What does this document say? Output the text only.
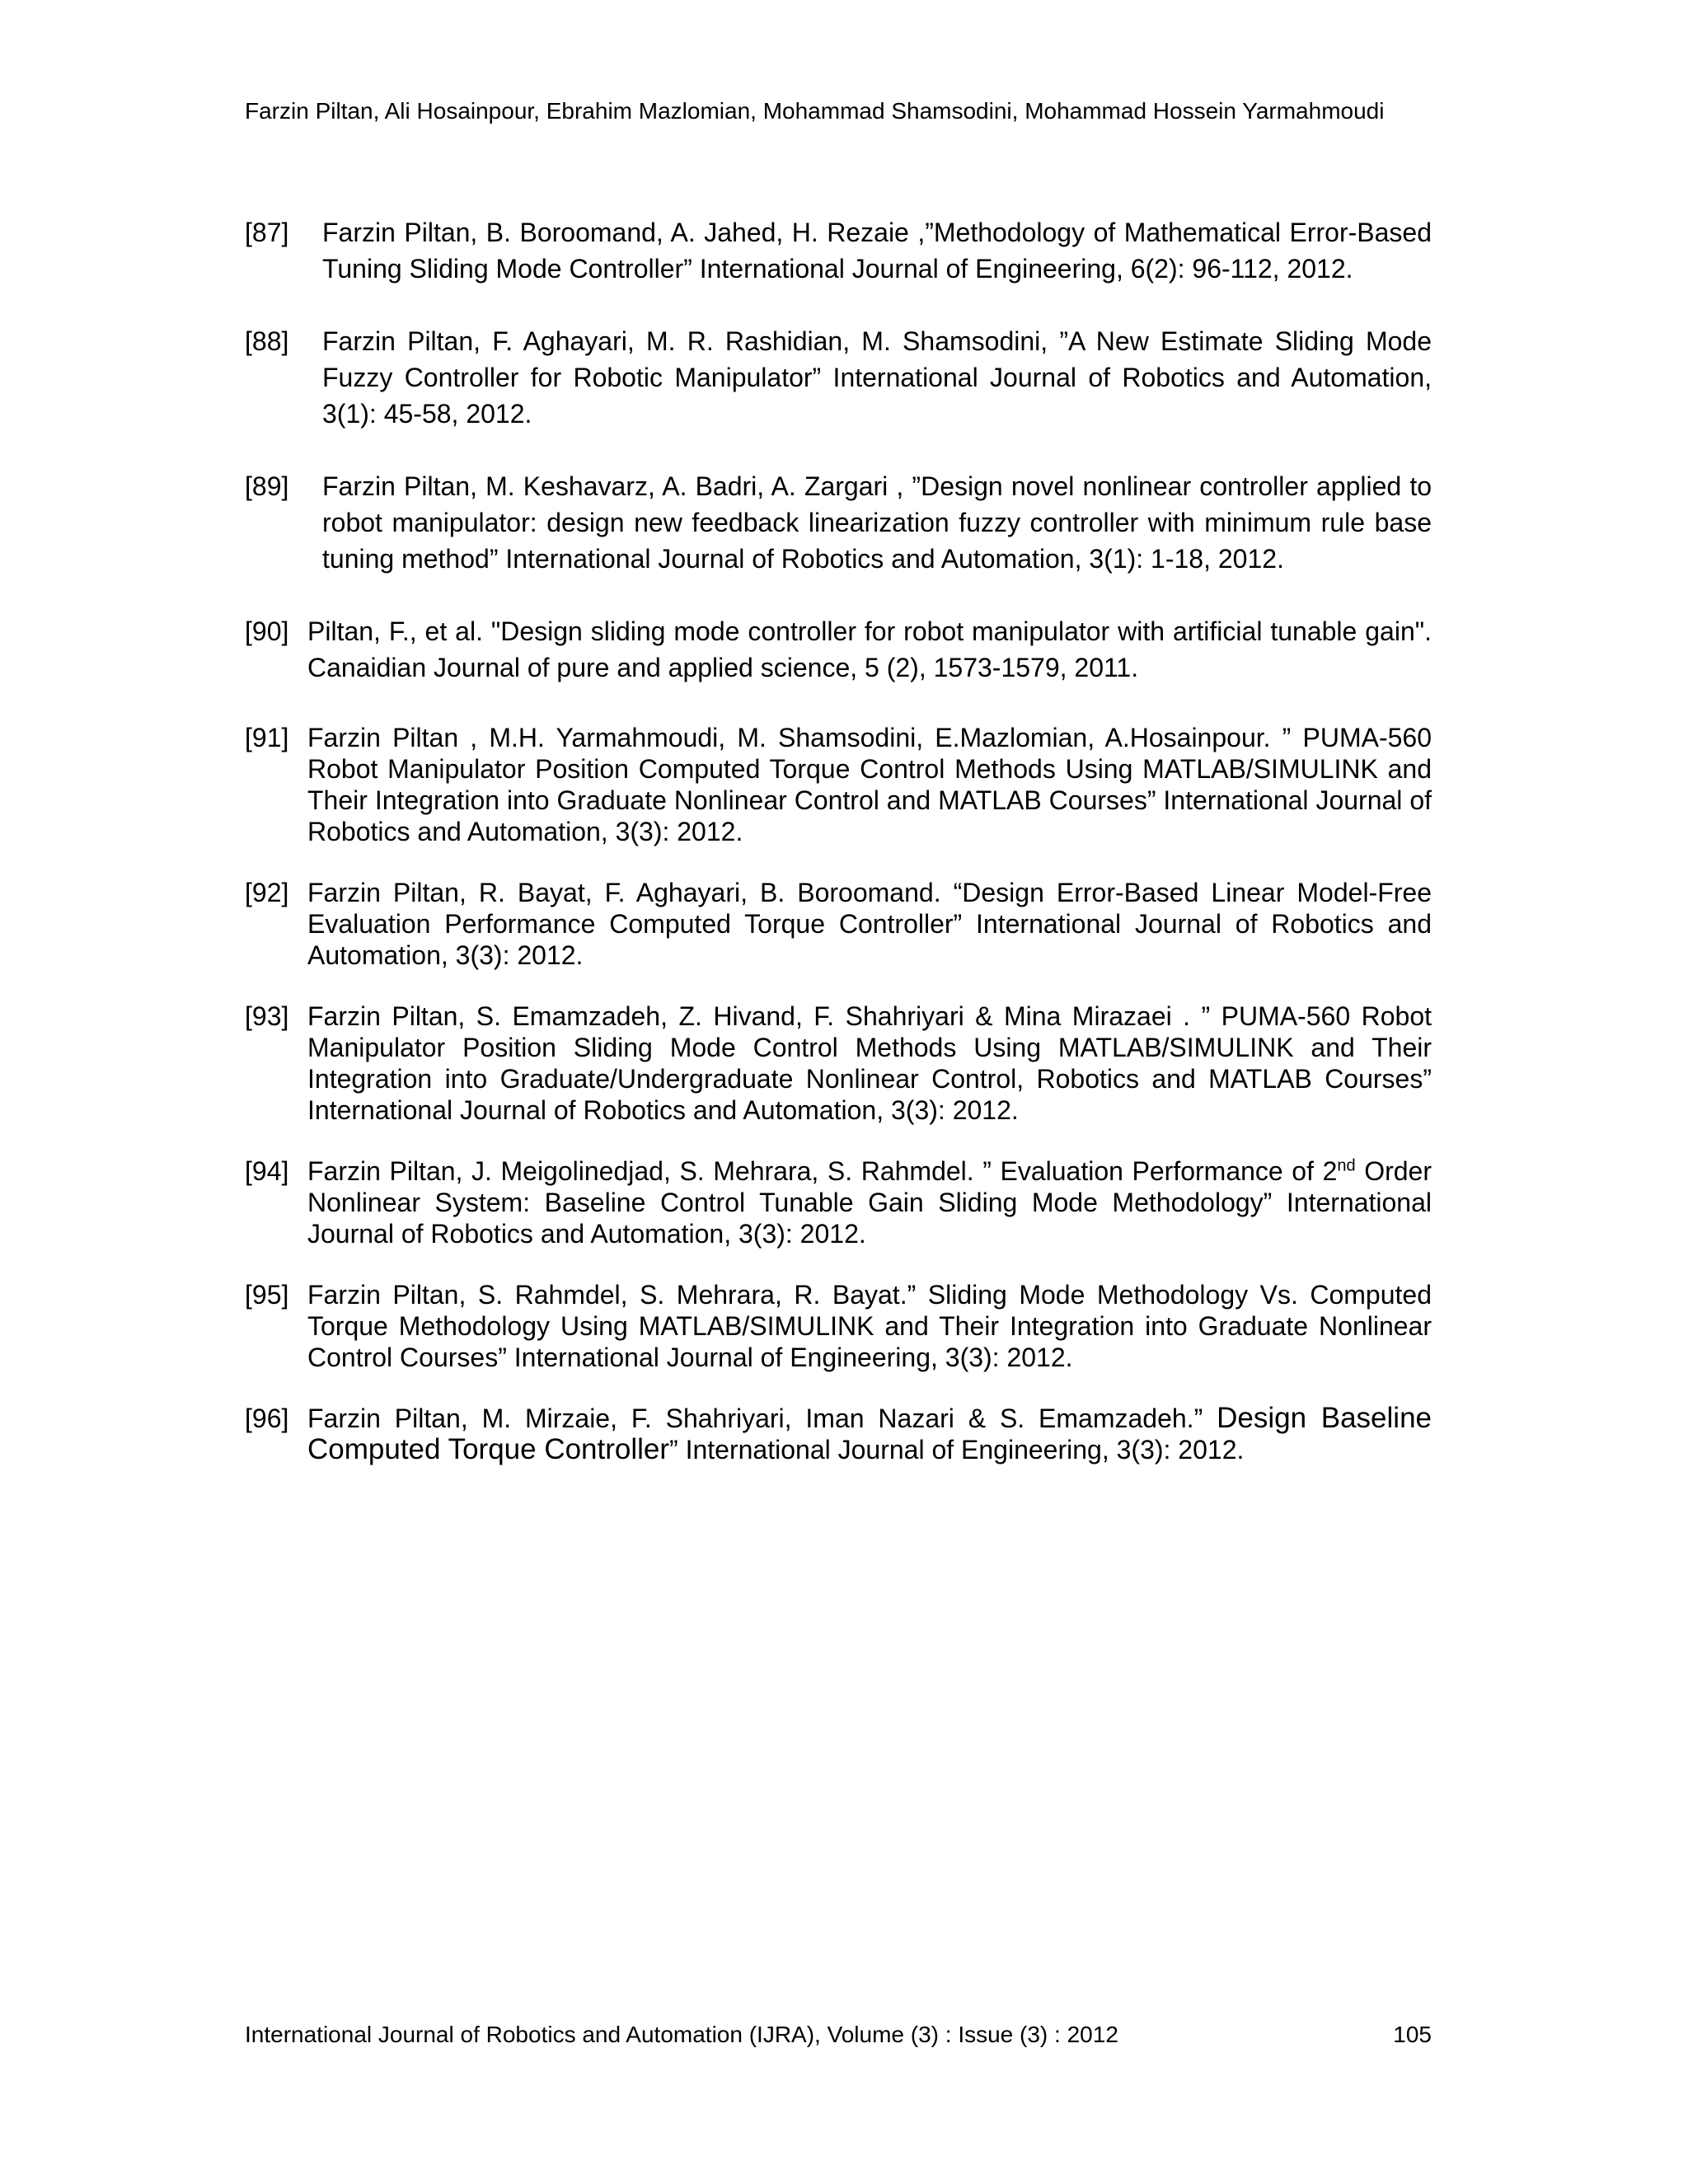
Farzin Piltan, Ali Hosainpour, Ebrahim Mazlomian, Mohammad Shamsodini, Mohammad Hossein Yarmahmoudi
[87] Farzin Piltan, B. Boroomand, A. Jahed, H. Rezaie ,”Methodology of Mathematical Error-Based Tuning Sliding Mode Controller” International Journal of Engineering, 6(2): 96-112, 2012.
[88] Farzin Piltan, F. Aghayari, M. R. Rashidian, M. Shamsodini, ”A New Estimate Sliding Mode Fuzzy Controller for Robotic Manipulator” International Journal of Robotics and Automation, 3(1): 45-58, 2012.
[89] Farzin Piltan, M. Keshavarz, A. Badri, A. Zargari , ”Design novel nonlinear controller applied to robot manipulator: design new feedback linearization fuzzy controller with minimum rule base tuning method” International Journal of Robotics and Automation, 3(1): 1-18, 2012.
[90] Piltan, F., et al. "Design sliding mode controller for robot manipulator with artificial tunable gain". Canaidian Journal of pure and applied science, 5 (2), 1573-1579, 2011.
[91] Farzin Piltan , M.H. Yarmahmoudi, M. Shamsodini, E.Mazlomian, A.Hosainpour. ” PUMA-560 Robot Manipulator Position Computed Torque Control Methods Using MATLAB/SIMULINK and Their Integration into Graduate Nonlinear Control and MATLAB Courses” International Journal of Robotics and Automation, 3(3): 2012.
[92] Farzin Piltan, R. Bayat, F. Aghayari, B. Boroomand. “Design Error-Based Linear Model-Free Evaluation Performance Computed Torque Controller” International Journal of Robotics and Automation, 3(3): 2012.
[93] Farzin Piltan, S. Emamzadeh, Z. Hivand, F. Shahriyari & Mina Mirazaei . ” PUMA-560 Robot Manipulator Position Sliding Mode Control Methods Using MATLAB/SIMULINK and Their Integration into Graduate/Undergraduate Nonlinear Control, Robotics and MATLAB Courses” International Journal of Robotics and Automation, 3(3): 2012.
[94] Farzin Piltan, J. Meigolinedjad, S. Mehrara, S. Rahmdel. ” Evaluation Performance of 2nd Order Nonlinear System: Baseline Control Tunable Gain Sliding Mode Methodology” International Journal of Robotics and Automation, 3(3): 2012.
[95] Farzin Piltan, S. Rahmdel, S. Mehrara, R. Bayat.” Sliding Mode Methodology Vs. Computed Torque Methodology Using MATLAB/SIMULINK and Their Integration into Graduate Nonlinear Control Courses” International Journal of Engineering, 3(3): 2012.
[96] Farzin Piltan, M. Mirzaie, F. Shahriyari, Iman Nazari & S. Emamzadeh.” Design Baseline Computed Torque Controller” International Journal of Engineering, 3(3): 2012.
International Journal of Robotics and Automation (IJRA), Volume (3) : Issue (3) : 2012	105
